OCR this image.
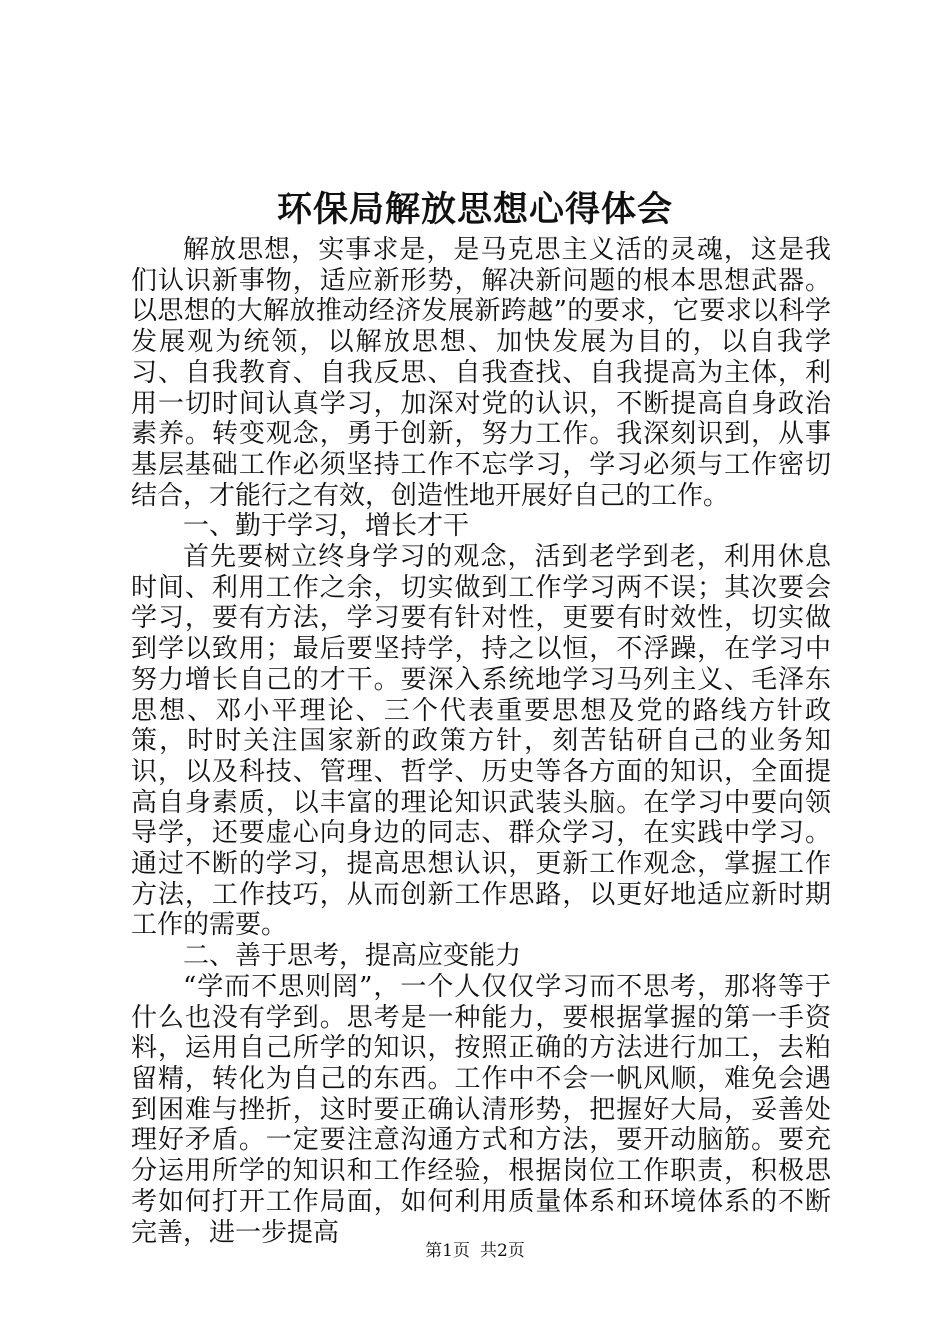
环保局解放思想心得体会

解放思想，实事求是，是马克思主义活的灵魂，这是我们认识新事物，适应新形势，解决新问题的根本思想武器。以思想的大解放推动经济发展新跨越”的要求，它要求以科学发展观为统领，以解放思想、加快发展为目的，以自我学习、自我教育、自我反思、自我查找、自我提高为主体，利用一切时间认真学习，加深对党的认识，不断提高自身政治素养。转变观念，勇于创新，努力工作。我深刻识到，从事基层基础工作必须坚持工作不忘学习，学习必须与工作密切结合，才能行之有效，创造性地开展好自己的工作。

一、勤于学习，增长才干

首先要树立终身学习的观念，活到老学到老，利用休息时间、利用工作之余，切实做到工作学习两不误；其次要会学习，要有方法，学习要有针对性，更要有时效性，切实做到学以致用；最后要坚持学，持之以恒，不浮躁，在学习中努力增长自己的才干。要深入系统地学习马列主义、毛泽东思想、邓小平理论、三个代表重要思想及党的路线方针政策，时时关注国家新的政策方针，刻苦钻研自己的业务知识，以及科技、管理、哲学、历史等各方面的知识，全面提高自身素质，以丰富的理论知识武装头脑。在学习中要向领导学，还要虚心向身边的同志、群众学习，在实践中学习。通过不断的学习，提高思想认识，更新工作观念，掌握工作方法，工作技巧，从而创新工作思路，以更好地适应新时期工作的需要。

二、善于思考，提高应变能力

“学而不思则罔”，一个人仅仅学习而不思考，那将等于什么也没有学到。思考是一种能力，要根据掌握的第一手资料，运用自己所学的知识，按照正确的方法进行加工，去粕留精，转化为自己的东西。工作中不会一帆风顺，难免会遇到困难与挫折，这时要正确认清形势，把握好大局，妥善处理好矛盾。一定要注意沟通方式和方法，要开动脑筋。要充分运用所学的知识和工作经验，根据岗位工作职责，积极思考如何打开工作局面，如何利用质量体系和环境体系的不断完善，进一步提高

第1页 共2页
